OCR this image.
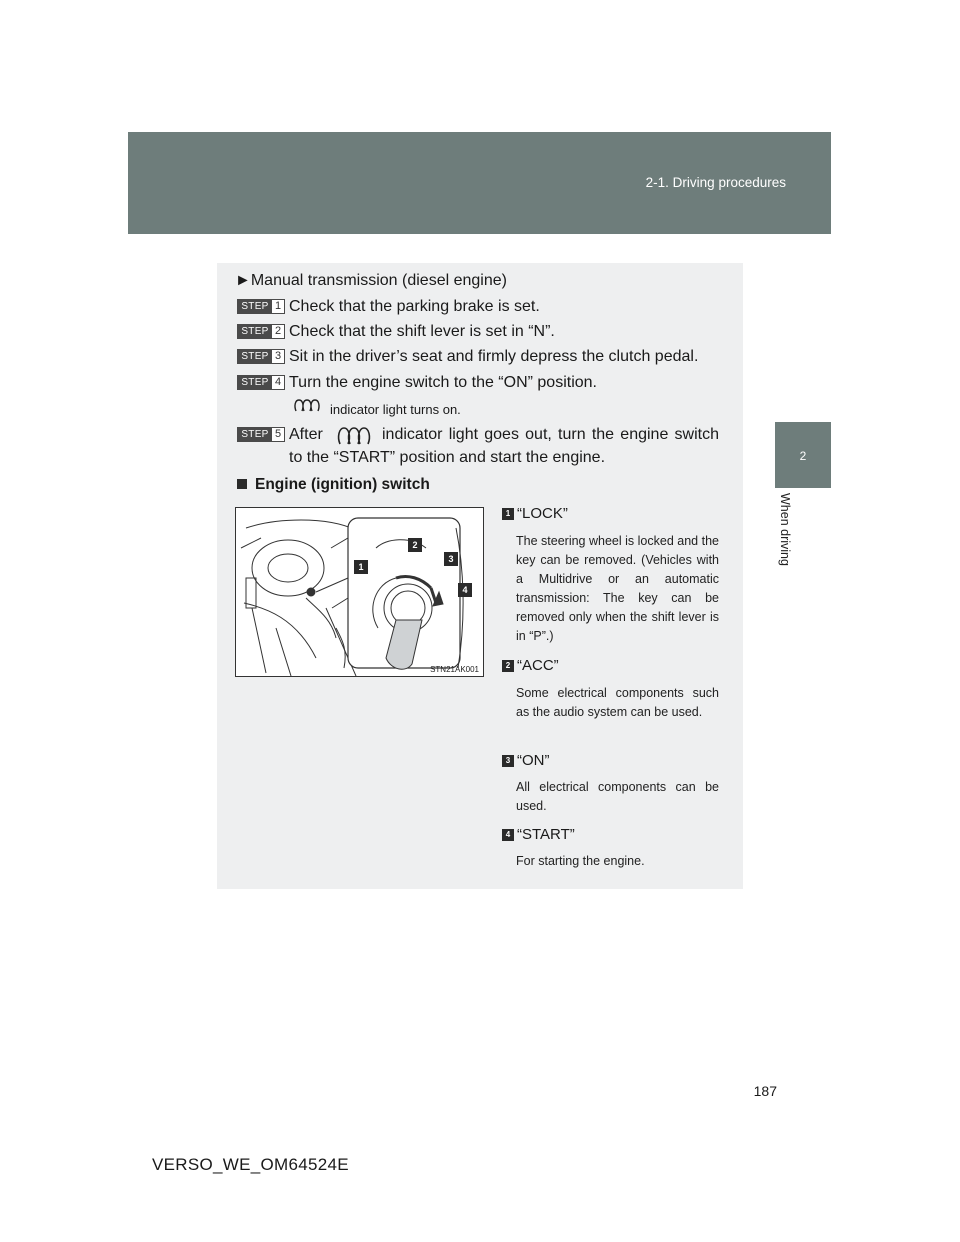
2-1. Driving procedures
2
When driving
►Manual transmission (diesel engine)
STEP 1 Check that the parking brake is set.
STEP 2 Check that the shift lever is set in “N”.
STEP 3 Sit in the driver’s seat and firmly depress the clutch pedal.
STEP 4 Turn the engine switch to the “ON” position.
indicator light turns on.
STEP 5 After	indicator light goes out, turn the engine switch
to the “START” position and start the engine.
Engine (ignition) switch
1
2
3
4
STN21AK001
1 “LOCK”
The steering wheel is locked and the key can be removed. (Vehicles with a Multidrive or an automatic transmission: The key can be removed only when the shift lever is in “P”.)
2 “ACC”
Some electrical components such as the audio system can be used.
3 “ON”
All electrical components can be used.
4 “START”
For starting the engine.
187
VERSO_WE_OM64524E
